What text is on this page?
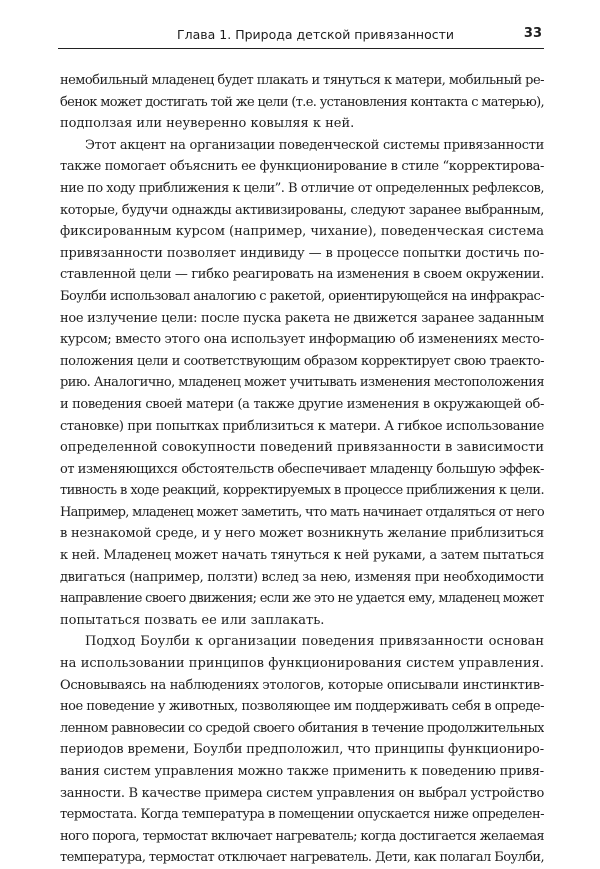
Глава 1. Природа детской привязанности	33
немобильный младенец будет плакать и тянуться к матери, мобильный ре-
бенок может достигать той же цели (т.е. установления контакта с матерью),
подползая или неуверенно ковыляя к ней.
Этот акцент на организации поведенческой системы привязанности
также помогает объяснить ее функционирование в стиле “корректирова-
ние по ходу приближения к цели”. В отличие от определенных рефлексов,
которые, будучи однажды активизированы, следуют заранее выбранным,
фиксированным курсом (например, чихание), поведенческая система
привязанности позволяет индивиду — в процессе попытки достичь по-
ставленной цели — гибко реагировать на изменения в своем окружении.
Боулби использовал аналогию с ракетой, ориентирующейся на инфракрас-
ное излучение цели: после пуска ракета не движется заранее заданным
курсом; вместо этого она использует информацию об изменениях место-
положения цели и соответствующим образом корректирует свою траекто-
рию. Аналогично, младенец может учитывать изменения местоположения
и поведения своей матери (а также другие изменения в окружающей об-
становке) при попытках приблизиться к матери. А гибкое использование
определенной совокупности поведений привязанности в зависимости
от изменяющихся обстоятельств обеспечивает младенцу большую эффек-
тивность в ходе реакций, корректируемых в процессе приближения к цели.
Например, младенец может заметить, что мать начинает отдаляться от него
в незнакомой среде, и у него может возникнуть желание приблизиться
к ней. Младенец может начать тянуться к ней руками, а затем пытаться
двигаться (например, ползти) вслед за нею, изменяя при необходимости
направление своего движения; если же это не удается ему, младенец может
попытаться позвать ее или заплакать.
Подход Боулби к организации поведения привязанности основан
на использовании принципов функционирования систем управления.
Основываясь на наблюдениях этологов, которые описывали инстинктив-
ное поведение у животных, позволяющее им поддерживать себя в опреде-
ленном равновесии со средой своего обитания в течение продолжительных
периодов времени, Боулби предположил, что принципы функциониро-
вания систем управления можно также применить к поведению привя-
занности. В качестве примера систем управления он выбрал устройство
термостата. Когда температура в помещении опускается ниже определен-
ного порога, термостат включает нагреватель; когда достигается желаемая
температура, термостат отключает нагреватель. Дети, как полагал Боулби,
